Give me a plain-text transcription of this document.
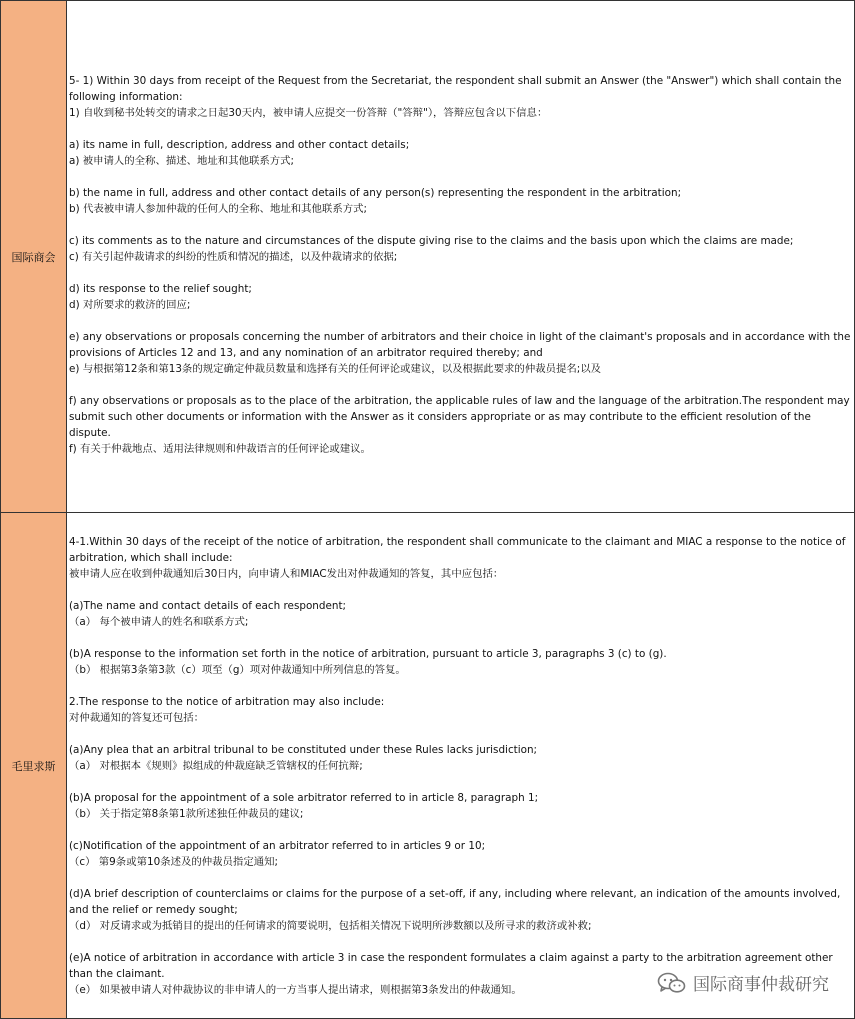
国际商会

5- 1) Within 30 days from receipt of the Request from the Secretariat, the respondent shall submit an Answer (the "Answer") which shall contain the following information:
1) 自收到秘书处转交的请求之日起30天内，被申请人应提交一份答辩（"答辩"），答辩应包含以下信息：

a) its name in full, description, address and other contact details;
a) 被申请人的全称、描述、地址和其他联系方式;

b) the name in full, address and other contact details of any person(s) representing the respondent in the arbitration;
b) 代表被申请人参加仲裁的任何人的全称、地址和其他联系方式;

c) its comments as to the nature and circumstances of the dispute giving rise to the claims and the basis upon which the claims are made;
c) 有关引起仲裁请求的纠纷的性质和情况的描述，以及仲裁请求的依据;

d) its response to the relief sought;
d) 对所要求的救济的回应;

e) any observations or proposals concerning the number of arbitrators and their choice in light of the claimant's proposals and in accordance with the provisions of Articles 12 and 13, and any nomination of an arbitrator required thereby; and
e) 与根据第12条和第13条的规定确定仲裁员数量和选择有关的任何评论或建议，以及根据此要求的仲裁员提名;以及

f) any observations or proposals as to the place of the arbitration, the applicable rules of law and the language of the arbitration.The respondent may submit such other documents or information with the Answer as it considers appropriate or as may contribute to the efficient resolution of the dispute.
f) 有关于仲裁地点、适用法律规则和仲裁语言的任何评论或建议。

毛里求斯

4-1.Within 30 days of the receipt of the notice of arbitration, the respondent shall communicate to the claimant and MIAC a response to the notice of arbitration, which shall include:
被申请人应在收到仲裁通知后30日内，向申请人和MIAC发出对仲裁通知的答复，其中应包括：

(a)The name and contact details of each respondent;
（a） 每个被申请人的姓名和联系方式;

(b)A response to the information set forth in the notice of arbitration, pursuant to article 3, paragraphs 3 (c) to (g).
（b） 根据第3条第3款（c）项至（g）项对仲裁通知中所列信息的答复。

2.The response to the notice of arbitration may also include:
对仲裁通知的答复还可包括：

(a)Any plea that an arbitral tribunal to be constituted under these Rules lacks jurisdiction;
（a） 对根据本《规则》拟组成的仲裁庭缺乏管辖权的任何抗辩;

(b)A proposal for the appointment of a sole arbitrator referred to in article 8, paragraph 1;
（b） 关于指定第8条第1款所述独任仲裁员的建议;

(c)Notification of the appointment of an arbitrator referred to in articles 9 or 10;
（c） 第9条或第10条述及的仲裁员指定通知;

(d)A brief description of counterclaims or claims for the purpose of a set-off, if any, including where relevant, an indication of the amounts involved, and the relief or remedy sought;
（d） 对反请求或为抵销目的提出的任何请求的简要说明，包括相关情况下说明所涉数额以及所寻求的救济或补救;

(e)A notice of arbitration in accordance with article 3 in case the respondent formulates a claim against a party to the arbitration agreement other than the claimant.
（e） 如果被申请人对仲裁协议的非申请人的一方当事人提出请求，则根据第3条发出的仲裁通知。	国际商事仲裁研究
